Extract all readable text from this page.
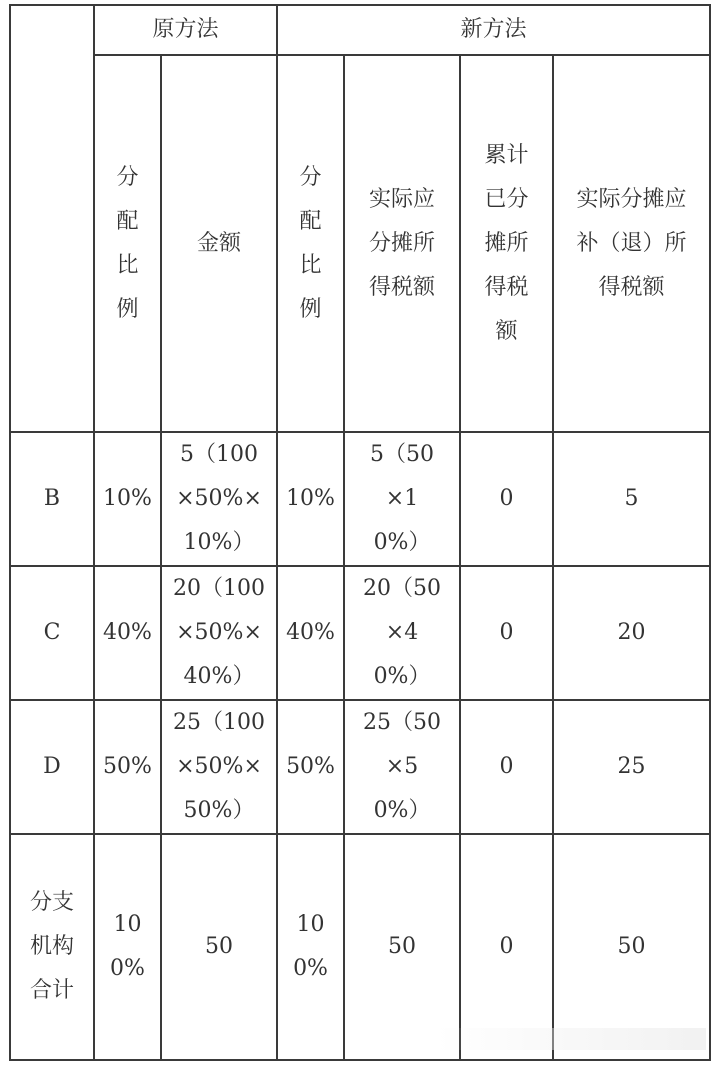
	原方法		新方法			
	分
配
比
例	金额	分
配
比
例	实际应
分摊所
得税额	累计
已分
摊所
得税
额	实际分摊应
补（退）所
得税额
B	10%	5（100
×50%×
10%）	10%	5（50
×1
0%）	0	5
C	40%	20（100
×50%×
40%）	40%	20（50
×4
0%）	0	20
D	50%	25（100
×50%×
50%）	50%	25（50
×5
0%）	0	25
分支
机构
合计	10
0%	50	10
0%	50	0	50
